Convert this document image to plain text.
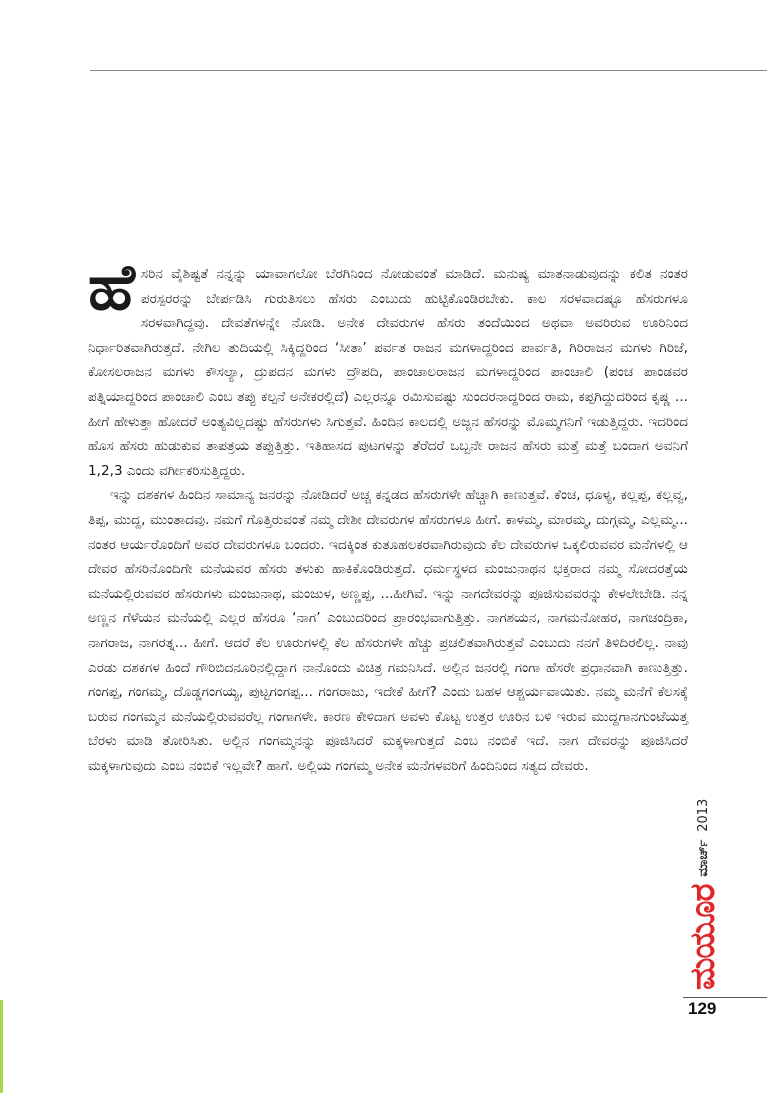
ಹೆಸರಿನ ವೈಶಿಷ್ಟತೆ ನನ್ನನ್ನು ಯಾವಾಗಲೋ ಬೆರಗಿನಿಂದ ನೋಡುವಂತೆ ಮಾಡಿದೆ. ಮನುಷ್ಯ ಮಾತನಾಡುವುದನ್ನು ಕಲಿತ ನಂತರ ಪರಸ್ಪರರನ್ನು ಬೇರ್ಪಡಿಸಿ ಗುರುತಿಸಲು ಹೆಸರು ಎಂಬುದು ಹುಟ್ಟಿಕೊಂಡಿರಬೇಕು. ಕಾಲ ಸರಳವಾದಷ್ಟೂ ಹೆಸರುಗಳೂ ಸರಳವಾಗಿದ್ದವು. ದೇವತೆಗಳನ್ನೇ ನೋಡಿ. ಅನೇಕ ದೇವರುಗಳ ಹೆಸರು ತಂದೆಯಿಂದ ಅಥವಾ ಅವರಿರುವ ಊರಿನಿಂದ ನಿರ್ಧಾರಿತವಾಗಿರುತ್ತದೆ. ನೇಗಿಲ ತುದಿಯಲ್ಲಿ ಸಿಕ್ಕಿದ್ದರಿಂದ ‘ಸೀತಾ’ ಪರ್ವತ ರಾಜನ ಮಗಳಾದ್ದರಿಂದ ಪಾರ್ವತಿ, ಗಿರಿರಾಜನ ಮಗಳು ಗಿರಿಜೆ, ಕೋಸಲರಾಜನ ಮಗಳು ಕೌಸಲ್ಯಾ, ದ್ರುಪದನ ಮಗಳು ದ್ರೌಪದಿ, ಪಾಂಚಾಲರಾಜನ ಮಗಳಾದ್ದರಿಂದ ಪಾಂಚಾಲಿ (ಪಂಚ ಪಾಂಡವರ ಪತ್ನಿಯಾದ್ದರಿಂದ ಪಾಂಚಾಲಿ ಎಂಬ ತಪ್ಪು ಕಲ್ಪನೆ ಅನೇಕರಲ್ಲಿದೆ) ಎಲ್ಲರನ್ನೂ ರಮಿಸುವಷ್ಟು ಸುಂದರನಾದ್ದರಿಂದ ರಾಮ, ಕಪ್ಪಗಿದ್ದುದರಿಂದ ಕೃಷ್ಣ ... ಹೀಗೆ ಹೇಳುತ್ತಾ ಹೋದರೆ ಅಂತ್ಯವಿಲ್ಲದಷ್ಟು ಹೆಸರುಗಳು ಸಿಗುತ್ತವೆ. ಹಿಂದಿನ ಕಾಲದಲ್ಲಿ ಅಜ್ಜನ ಹೆಸರನ್ನು ಮೊಮ್ಮಗನಿಗೆ ಇಡುತ್ತಿದ್ದರು. ಇದರಿಂದ ಹೊಸ ಹೆಸರು ಹುಡುಕುವ ತಾಪತ್ರಯ ತಪ್ಪುತ್ತಿತ್ತು. ಇತಿಹಾಸದ ಪುಟಗಳನ್ನು ತೆರೆದರೆ ಒಬ್ಬನೇ ರಾಜನ ಹೆಸರು ಮತ್ತೆ ಮತ್ತೆ ಬಂದಾಗ ಅವನಿಗೆ 1,2,3 ಎಂದು ವರ್ಗೀಕರಿಸುತ್ತಿದ್ದರು.

ಇನ್ನು ದಶಕಗಳ ಹಿಂದಿನ ಸಾಮಾನ್ಯ ಜನರನ್ನು ನೋಡಿದರೆ ಅಚ್ಚ ಕನ್ನಡದ ಹೆಸರುಗಳೇ ಹೆಚ್ಚಾಗಿ ಕಾಣುತ್ತವೆ. ಕೆಂಚ, ಧೂಳ್ಯ, ಕಲ್ಲಪ್ಪ, ಕಲ್ಲವ್ವ, ತಿಪ್ಪ, ಮುದ್ದ, ಮುಂತಾದವು. ನಮಗೆ ಗೊತ್ತಿರುವಂತೆ ನಮ್ಮ ದೇಶೀ ದೇವರುಗಳ ಹೆಸರುಗಳೂ ಹೀಗೆ. ಕಾಳಮ್ಮ, ಮಾರಮ್ಮ, ದುಗ್ಗಮ್ಮ, ಎಲ್ಲಮ್ಮ... ನಂತರ ಆರ್ಯರೊಂದಿಗೆ ಅವರ ದೇವರುಗಳೂ ಬಂದರು. ಇದಕ್ಕಿಂತ ಕುತೂಹಲಕರವಾಗಿರುವುದು ಕೆಲ ದೇವರುಗಳ ಒಕ್ಕಲಿರುವವರ ಮನೆಗಳಲ್ಲಿ ಆ ದೇವರ ಹೆಸರಿನೊಂದಿಗೇ ಮನೆಯವರ ಹೆಸರು ತಳುಕು ಹಾಕಿಕೊಂಡಿರುತ್ತದೆ. ಧರ್ಮಸ್ಥಳದ ಮಂಜುನಾಥನ ಭಕ್ತರಾದ ನಮ್ಮ ಸೋದರತ್ತೆಯ ಮನೆಯಲ್ಲಿರುವವರ ಹೆಸರುಗಳು ಮಂಜುನಾಥ, ಮಂಜುಳ, ಅಣ್ಣಪ್ಪ, ...ಹೀಗಿವೆ. ಇನ್ನು ನಾಗದೇವರನ್ನು ಪೂಜಿಸುವವರನ್ನು ಕೇಳಲೇಬೇಡಿ. ನನ್ನ ಅಣ್ಣನ ಗೆಳೆಯನ ಮನೆಯಲ್ಲಿ ಎಲ್ಲರ ಹೆಸರೂ ‘ನಾಗ’ ಎಂಬುದರಿಂದ ಪ್ರಾರಂಭವಾಗುತ್ತಿತ್ತು. ನಾಗಶಯನ, ನಾಗಮನೋಹರ, ನಾಗಚಂದ್ರಿಕಾ, ನಾಗರಾಜ, ನಾಗರತ್ನ... ಹೀಗೆ. ಆದರೆ ಕೆಲ ಊರುಗಳಲ್ಲಿ ಕೆಲ ಹೆಸರುಗಳೇ ಹೆಚ್ಚು ಪ್ರಚಲಿತವಾಗಿರುತ್ತವೆ ಎಂಬುದು ನನಗೆ ತಿಳಿದಿರಲಿಲ್ಲ. ನಾವು ಎರಡು ದಶಕಗಳ ಹಿಂದೆ ಗೌರಿಬಿದನೂರಿನಲ್ಲಿದ್ದಾಗ ನಾನೊಂದು ವಿಚಿತ್ರ ಗಮನಿಸಿದೆ. ಅಲ್ಲಿನ ಜನರಲ್ಲಿ ಗಂಗಾ ಹೆಸರೇ ಪ್ರಧಾನವಾಗಿ ಕಾಣುತ್ತಿತ್ತು. ಗಂಗಪ್ಪ, ಗಂಗಮ್ಮ, ದೊಡ್ಡಗಂಗಯ್ಯ, ಪುಟ್ಟಗಂಗಪ್ಪ... ಗಂಗರಾಜು, ಇದೇಕೆ ಹೀಗೆ? ಎಂದು ಬಹಳ ಆಶ್ಚರ್ಯವಾಯಿತು. ನಮ್ಮ ಮನೆಗೆ ಕೆಲಸಕ್ಕೆ ಬರುವ ಗಂಗಮ್ಮನ ಮನೆಯಲ್ಲಿರುವವರೆಲ್ಲ ಗಂಗಾಗಳೇ. ಕಾರಣ ಕೇಳಿದಾಗ ಅವಳು ಕೊಟ್ಟ ಉತ್ತರ ಊರಿನ ಬಳಿ ಇರುವ ಮುದ್ದಗಾನಗುಂಟೆಯತ್ತ ಬೆರಳು ಮಾಡಿ ತೋರಿಸಿತು. ಅಲ್ಲಿನ ಗಂಗಮ್ಮನನ್ನು ಪೂಜಿಸಿದರೆ ಮಕ್ಕಳಾಗುತ್ತದೆ ಎಂಬ ನಂಬಿಕೆ ಇದೆ. ನಾಗ ದೇವರನ್ನು ಪೂಜಿಸಿದರೆ ಮಕ್ಕಳಾಗುವುದು ಎಂಬ ನಂಬಿಕೆ ಇಲ್ಲವೇ? ಹಾಗೆ. ಅಲ್ಲಿಯ ಗಂಗಮ್ಮ ಅನೇಕ ಮನೆಗಳವರಿಗೆ ಹಿಂದಿನಿಂದ ಸತ್ಯದ ದೇವರು.

ಮಯೂರ
ಮಾರ್ಚ್
2013
129
